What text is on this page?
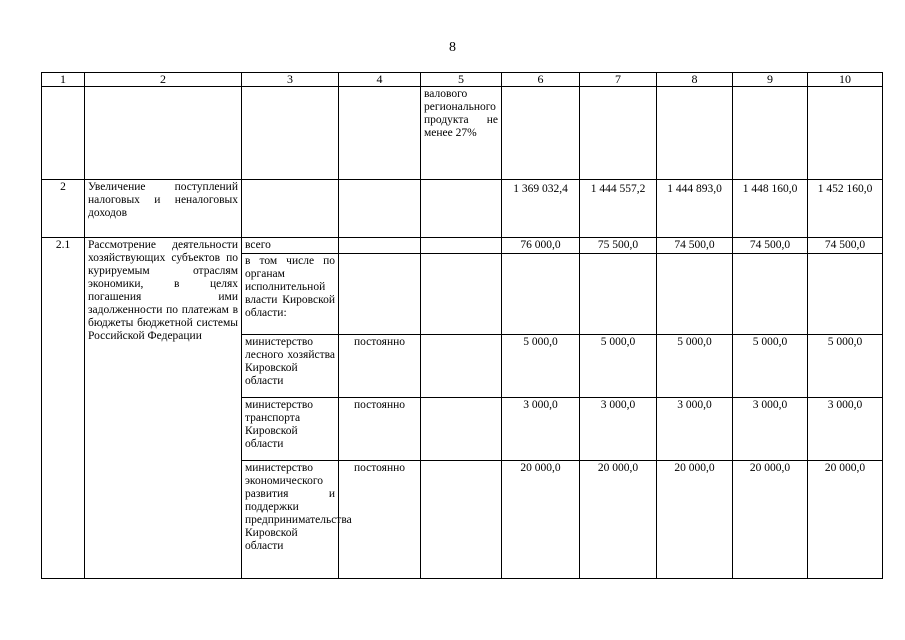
8
1	2	3	4	5	6	7	8	9	10
				валового регионального продукта не менее 27%					
2	Увеличение поступлений налоговых и неналоговых доходов				1 369 032,4	1 444 557,2	1 444 893,0	1 448 160,0	1 452 160,0
2.1	Рассмотрение деятельности хозяйствующих субъектов по курируемым отраслям экономики, в целях погашения ими задолженности по платежам в бюджеты бюджетной системы Российской Федерации	всего			76 000,0	75 500,0	74 500,0	74 500,0	74 500,0
		в том числе по органам исполнительной власти Кировской области:							
		министерство лесного хозяйства Кировской области	постоянно		5 000,0	5 000,0	5 000,0	5 000,0	5 000,0
		министерство транспорта Кировской области	постоянно		3 000,0	3 000,0	3 000,0	3 000,0	3 000,0
		министерство экономического развития и поддержки предпринимательства Кировской области	постоянно		20 000,0	20 000,0	20 000,0	20 000,0	20 000,0
